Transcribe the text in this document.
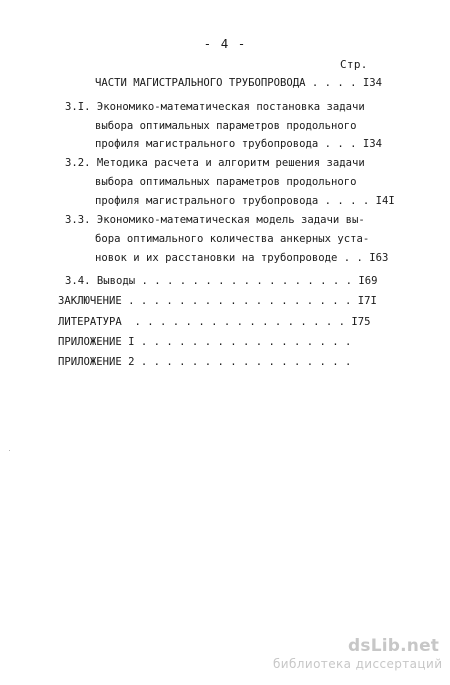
- 4 -
Стр.
ЧАСТИ МАГИСТРАЛЬНОГО ТРУБОПРОВОДА . . . . I34
3.I. Экономико-математическая постановка задачи
выбора оптимальных параметров продольного
профиля магистрального трубопровода . . . I34
3.2. Методика расчета и алгоритм решения задачи
выбора оптимальных параметров продольного
профиля магистрального трубопровода . . . . I4I
3.3. Экономико-математическая модель задачи вы-
бора оптимального количества анкерных уста-
новок и их расстановки на трубопроводе . . I63
3.4. Выводы . . . . . . . . . . . . . . . . . I69
ЗАКЛЮЧЕНИЕ . . . . . . . . . . . . . . . . . . I7I
ЛИТЕРАТУРА  . . . . . . . . . . . . . . . . . I75
ПРИЛОЖЕНИЕ I . . . . . . . . . . . . . . . . .
ПРИЛОЖЕНИЕ 2 . . . . . . . . . . . . . . . . .
dsLib.net
библиотека диссертаций
